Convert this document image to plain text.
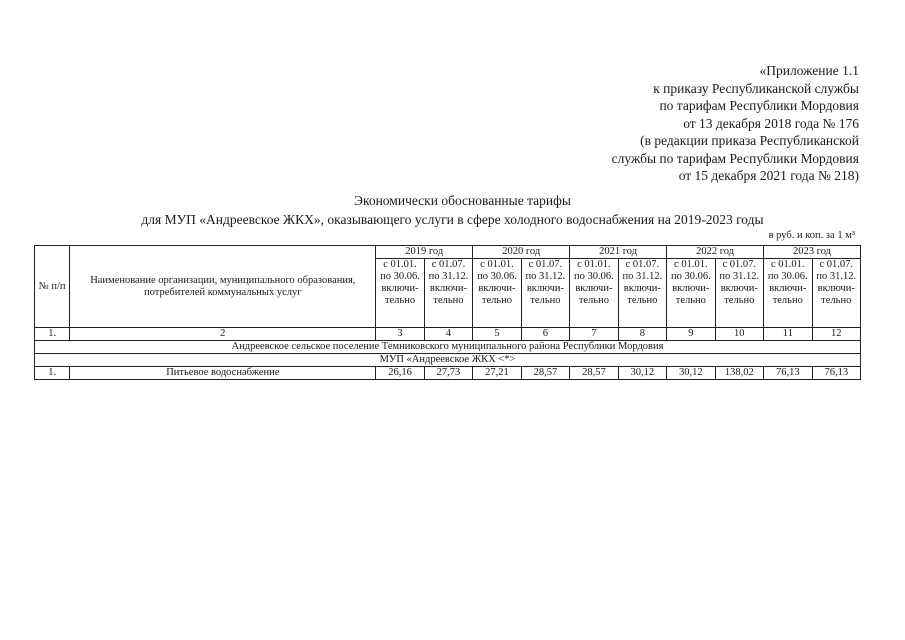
«Приложение 1.1
к приказу Республиканской службы
по тарифам Республики Мордовия
от 13 декабря 2018 года № 176
(в редакции приказа Республиканской
службы по тарифам Республики Мордовия
от 15 декабря 2021 года № 218)
Экономически обоснованные тарифы
для МУП «Андреевское ЖКХ», оказывающего услуги в сфере холодного водоснабжения на 2019-2023 годы
в руб. и коп. за 1 м³
№ п/п	Наименование организации, муниципального образования, потребителей коммунальных услуг	2019 год		2020 год		2021 год		2022 год		2023 год	
		с 01.01. по 30.06. включи-тельно	с 01.07. по 31.12. включи-тельно	с 01.01. по 30.06. включи-тельно	с 01.07. по 31.12. включи-тельно	с 01.01. по 30.06. включи-тельно	с 01.07. по 31.12. включи-тельно	с 01.01. по 30.06. включи-тельно	с 01.07. по 31.12. включи-тельно	с 01.01. по 30.06. включи-тельно	с 01.07. по 31.12. включи-тельно
1.	2	3	4	5	6	7	8	9	10	11	12
Андреевское сельское поселение Темниковского муниципального района Республики Мордовия											
МУП «Андреевское ЖКХ <*>											
1.	Питьевое водоснабжение	26,16	27,73	27,21	28,57	28,57	30,12	30,12	138,02	76,13	76,13
